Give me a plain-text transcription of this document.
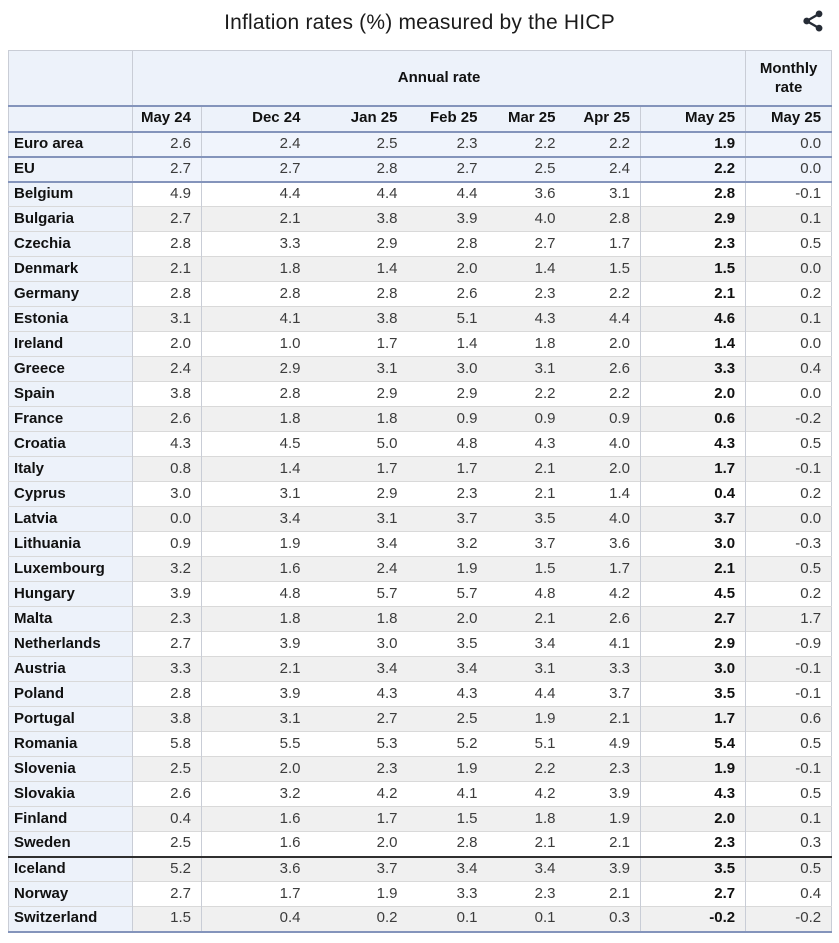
Inflation rates (%) measured by the HICP
	Annual rate							Monthly rate
	May 24	Dec 24	Jan 25	Feb 25	Mar 25	Apr 25	May 25	May 25
Euro area	2.6	2.4	2.5	2.3	2.2	2.2	1.9	0.0
EU	2.7	2.7	2.8	2.7	2.5	2.4	2.2	0.0
Belgium	4.9	4.4	4.4	4.4	3.6	3.1	2.8	-0.1
Bulgaria	2.7	2.1	3.8	3.9	4.0	2.8	2.9	0.1
Czechia	2.8	3.3	2.9	2.8	2.7	1.7	2.3	0.5
Denmark	2.1	1.8	1.4	2.0	1.4	1.5	1.5	0.0
Germany	2.8	2.8	2.8	2.6	2.3	2.2	2.1	0.2
Estonia	3.1	4.1	3.8	5.1	4.3	4.4	4.6	0.1
Ireland	2.0	1.0	1.7	1.4	1.8	2.0	1.4	0.0
Greece	2.4	2.9	3.1	3.0	3.1	2.6	3.3	0.4
Spain	3.8	2.8	2.9	2.9	2.2	2.2	2.0	0.0
France	2.6	1.8	1.8	0.9	0.9	0.9	0.6	-0.2
Croatia	4.3	4.5	5.0	4.8	4.3	4.0	4.3	0.5
Italy	0.8	1.4	1.7	1.7	2.1	2.0	1.7	-0.1
Cyprus	3.0	3.1	2.9	2.3	2.1	1.4	0.4	0.2
Latvia	0.0	3.4	3.1	3.7	3.5	4.0	3.7	0.0
Lithuania	0.9	1.9	3.4	3.2	3.7	3.6	3.0	-0.3
Luxembourg	3.2	1.6	2.4	1.9	1.5	1.7	2.1	0.5
Hungary	3.9	4.8	5.7	5.7	4.8	4.2	4.5	0.2
Malta	2.3	1.8	1.8	2.0	2.1	2.6	2.7	1.7
Netherlands	2.7	3.9	3.0	3.5	3.4	4.1	2.9	-0.9
Austria	3.3	2.1	3.4	3.4	3.1	3.3	3.0	-0.1
Poland	2.8	3.9	4.3	4.3	4.4	3.7	3.5	-0.1
Portugal	3.8	3.1	2.7	2.5	1.9	2.1	1.7	0.6
Romania	5.8	5.5	5.3	5.2	5.1	4.9	5.4	0.5
Slovenia	2.5	2.0	2.3	1.9	2.2	2.3	1.9	-0.1
Slovakia	2.6	3.2	4.2	4.1	4.2	3.9	4.3	0.5
Finland	0.4	1.6	1.7	1.5	1.8	1.9	2.0	0.1
Sweden	2.5	1.6	2.0	2.8	2.1	2.1	2.3	0.3
Iceland	5.2	3.6	3.7	3.4	3.4	3.9	3.5	0.5
Norway	2.7	1.7	1.9	3.3	2.3	2.1	2.7	0.4
Switzerland	1.5	0.4	0.2	0.1	0.1	0.3	-0.2	-0.2
